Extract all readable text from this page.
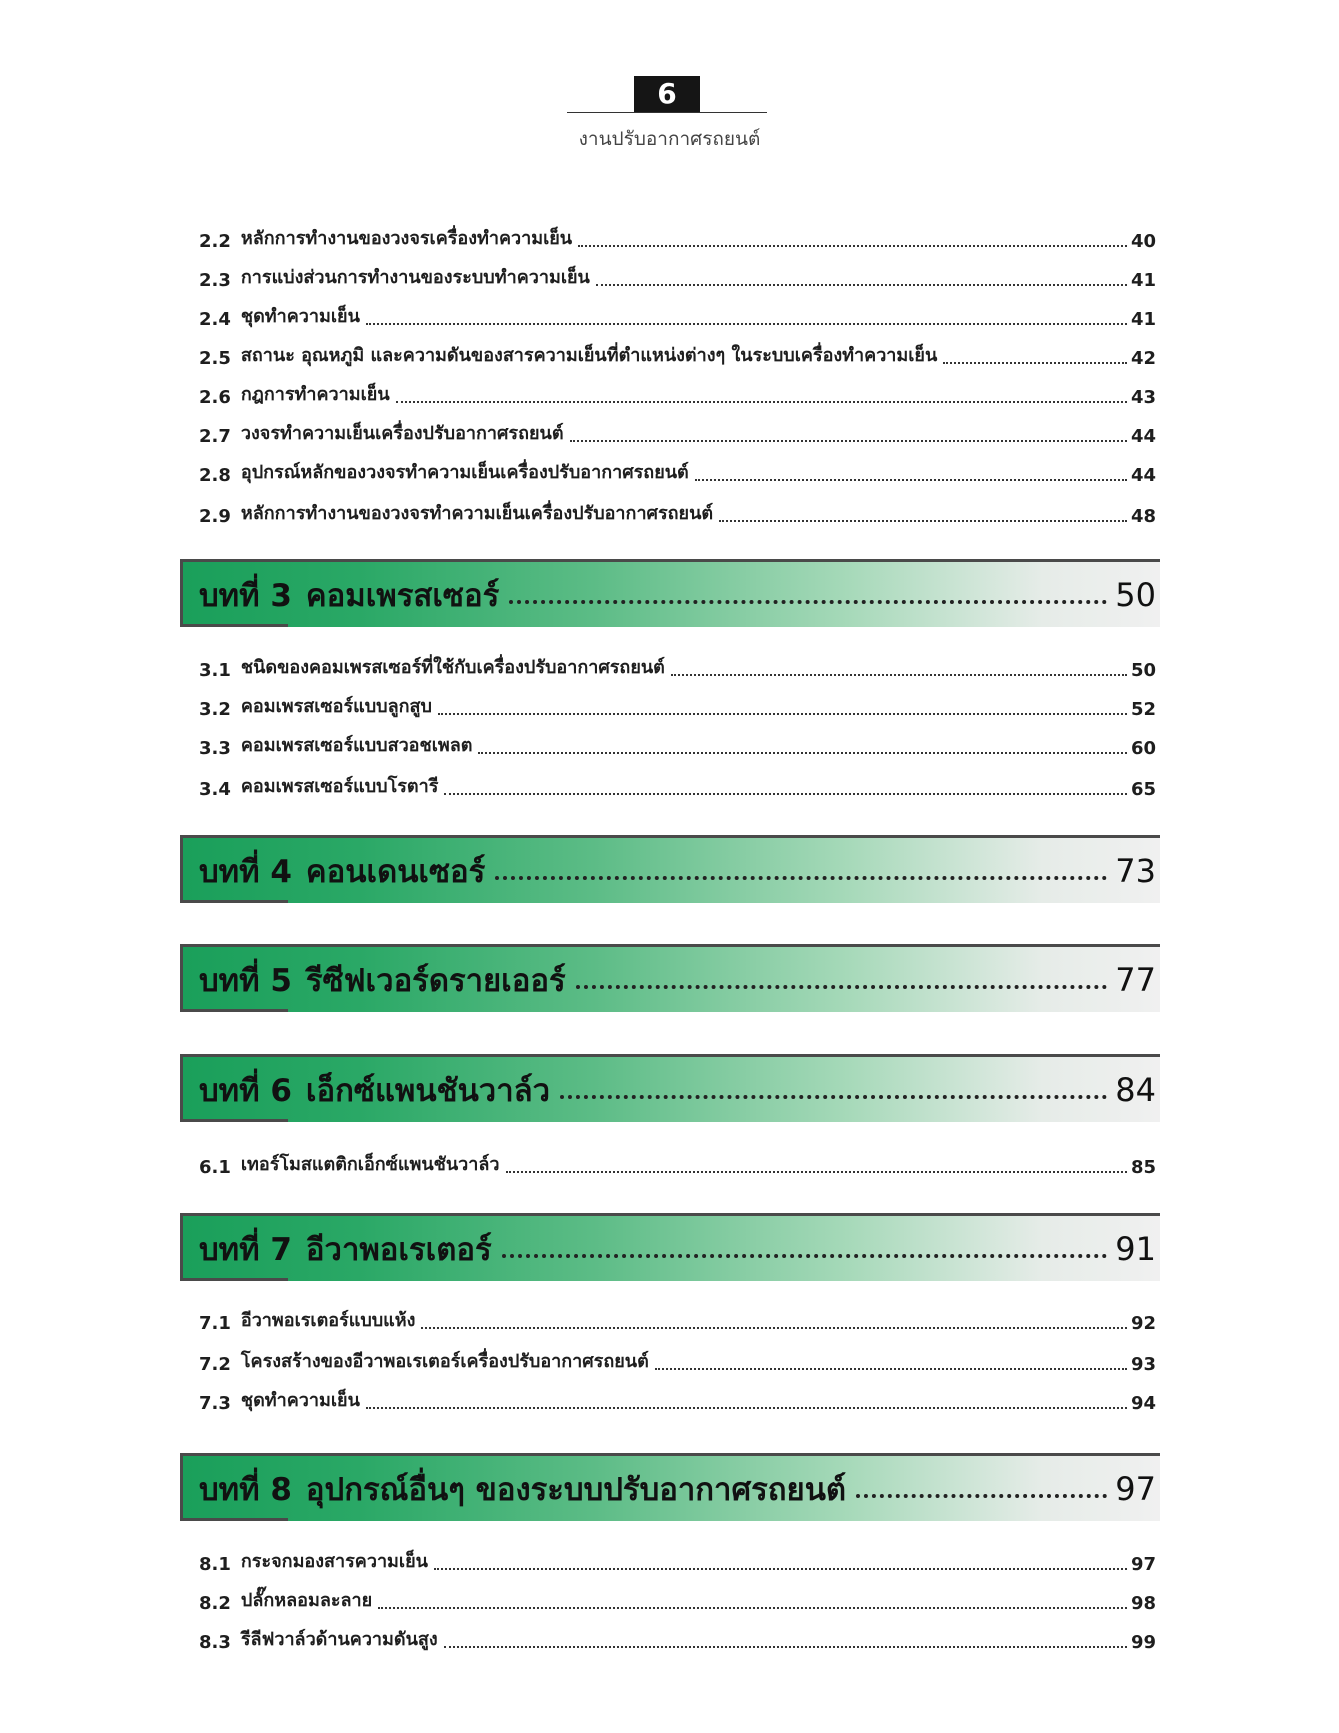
6
งานปรับอากาศรถยนต์
2.2 หลักการทำงานของวงจรเครื่องทำความเย็น	40
2.3 การแบ่งส่วนการทำงานของระบบทำความเย็น	41
2.4 ชุดทำความเย็น	41
2.5 สถานะ อุณหภูมิ และความดันของสารความเย็นที่ตำแหน่งต่างๆ ในระบบเครื่องทำความเย็น	42
2.6 กฎการทำความเย็น	43
2.7 วงจรทำความเย็นเครื่องปรับอากาศรถยนต์	44
2.8 อุปกรณ์หลักของวงจรทำความเย็นเครื่องปรับอากาศรถยนต์	44
2.9 หลักการทำงานของวงจรทำความเย็นเครื่องปรับอากาศรถยนต์	48
บทที่ 3 คอมเพรสเซอร์	50
3.1 ชนิดของคอมเพรสเซอร์ที่ใช้กับเครื่องปรับอากาศรถยนต์	50
3.2 คอมเพรสเซอร์แบบลูกสูบ	52
3.3 คอมเพรสเซอร์แบบสวอชเพลต	60
3.4 คอมเพรสเซอร์แบบโรตารี	65
บทที่ 4 คอนเดนเซอร์	73
บทที่ 5 รีซีฟเวอร์ดรายเออร์	77
บทที่ 6 เอ็กซ์แพนชันวาล์ว	84
6.1 เทอร์โมสแตติกเอ็กซ์แพนชันวาล์ว	85
บทที่ 7 อีวาพอเรเตอร์	91
7.1 อีวาพอเรเตอร์แบบแห้ง	92
7.2 โครงสร้างของอีวาพอเรเตอร์เครื่องปรับอากาศรถยนต์	93
7.3 ชุดทำความเย็น	94
บทที่ 8 อุปกรณ์อื่นๆ ของระบบปรับอากาศรถยนต์	97
8.1 กระจกมองสารความเย็น	97
8.2 ปลั๊กหลอมละลาย	98
8.3 รีลีฟวาล์วด้านความดันสูง	99
